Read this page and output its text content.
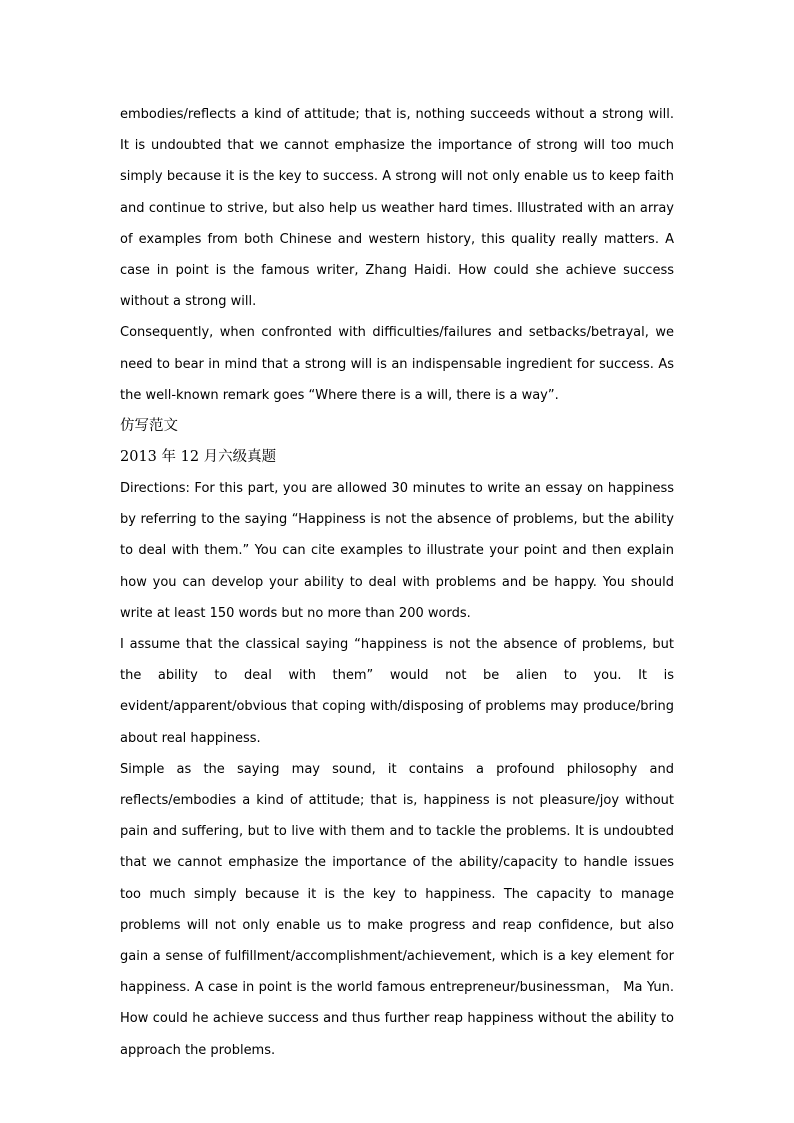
embodies/reflects a kind of attitude; that is, nothing succeeds without a strong will. It is undoubted that we cannot emphasize the importance of strong will too much simply because it is the key to success. A strong will not only enable us to keep faith and continue to strive, but also help us weather hard times. Illustrated with an array of examples from both Chinese and western history, this quality really matters. A case in point is the famous writer, Zhang Haidi. How could she achieve success without a strong will.

Consequently, when confronted with difficulties/failures and setbacks/betrayal, we need to bear in mind that a strong will is an indispensable ingredient for success. As the well-known remark goes “Where there is a will, there is a way”.

仿写范文

2013 年 12 月六级真题

Directions: For this part, you are allowed 30 minutes to write an essay on happiness by referring to the saying “Happiness is not the absence of problems, but the ability to deal with them.” You can cite examples to illustrate your point and then explain how you can develop your ability to deal with problems and be happy. You should write at least 150 words but no more than 200 words.

I assume that the classical saying “happiness is not the absence of problems, but the ability to deal with them” would not be alien to you. It is evident/apparent/obvious that coping with/disposing of problems may produce/bring about real happiness.

Simple as the saying may sound, it contains a profound philosophy and reflects/embodies a kind of attitude; that is, happiness is not pleasure/joy without pain and suffering, but to live with them and to tackle the problems. It is undoubted that we cannot emphasize the importance of the ability/capacity to handle issues too much simply because it is the key to happiness. The capacity to manage problems will not only enable us to make progress and reap confidence, but also gain a sense of fulfillment/accomplishment/achievement, which is a key element for happiness. A case in point is the world famous entrepreneur/businessman， Ma Yun. How could he achieve success and thus further reap happiness without the ability to approach the problems.
